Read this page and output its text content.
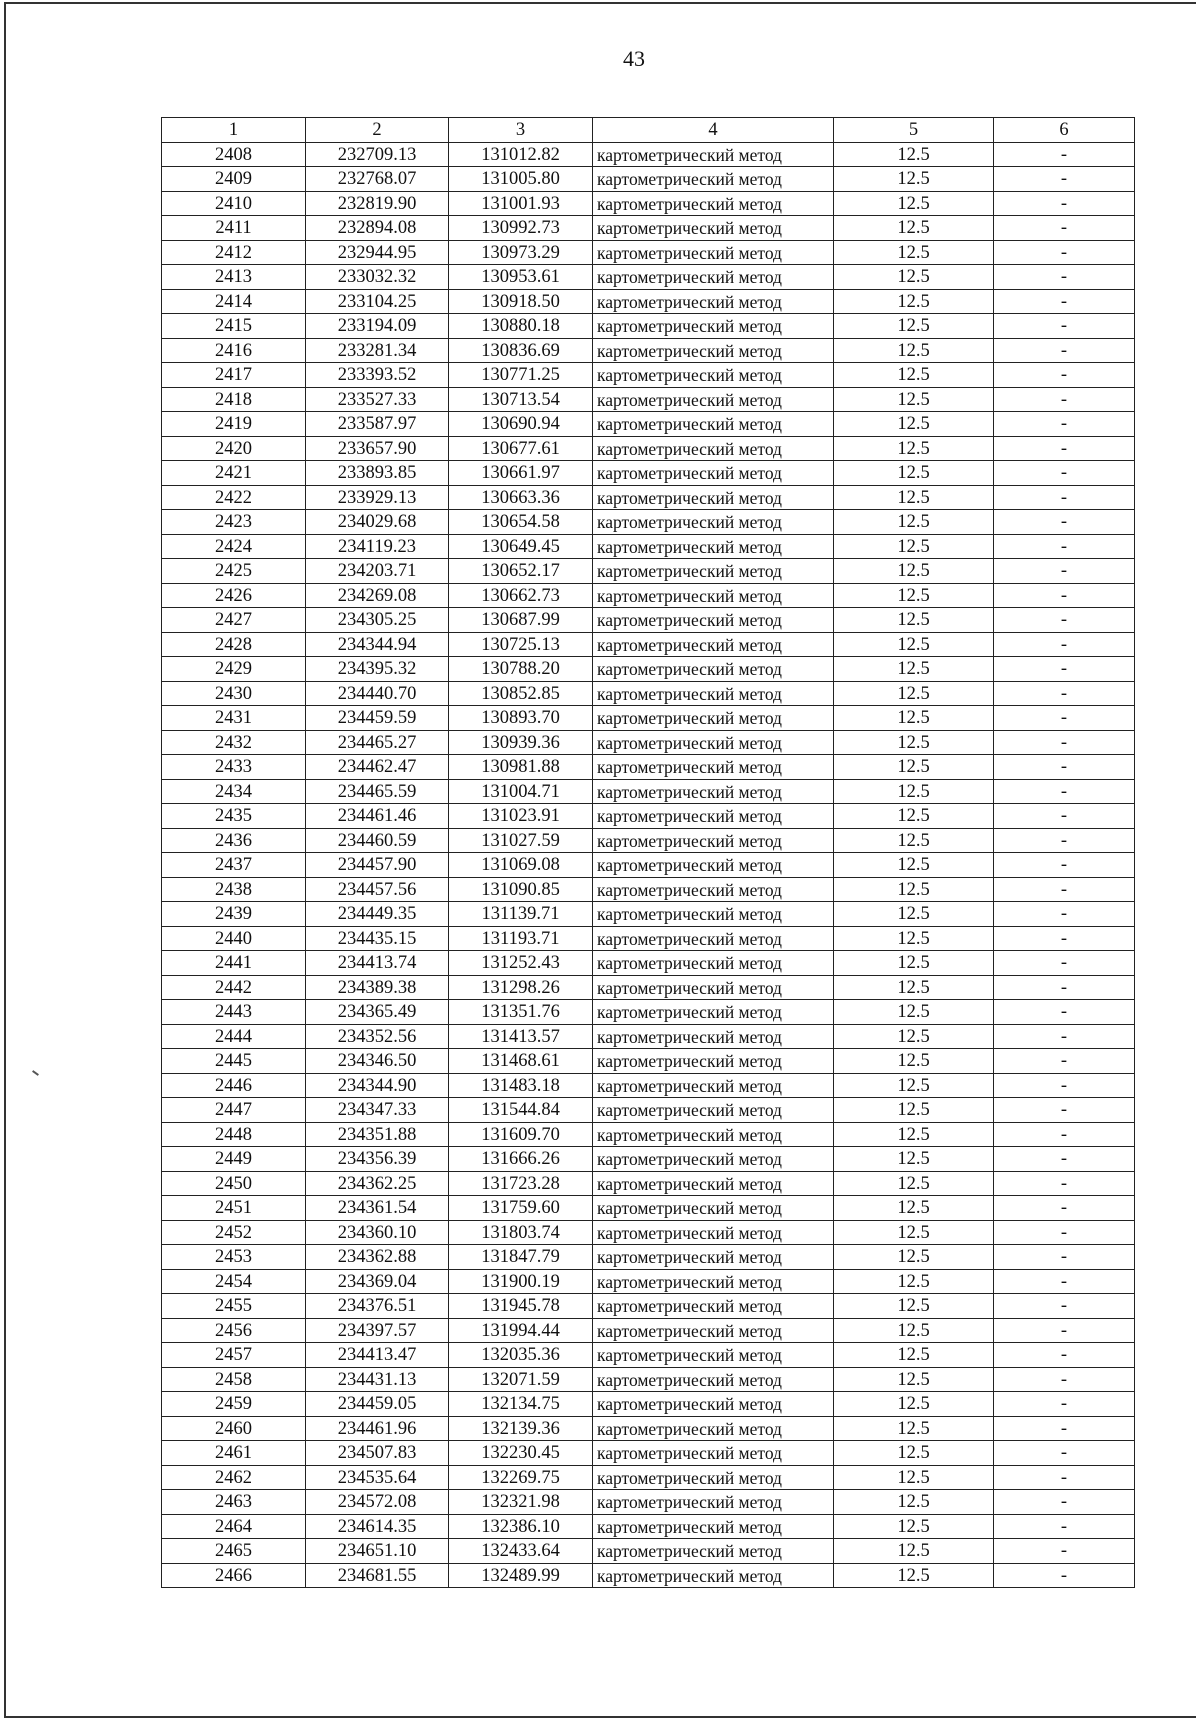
43
1	2	3	4	5	6
2408	232709.13	131012.82	картометрический метод	12.5	-
2409	232768.07	131005.80	картометрический метод	12.5	-
2410	232819.90	131001.93	картометрический метод	12.5	-
2411	232894.08	130992.73	картометрический метод	12.5	-
2412	232944.95	130973.29	картометрический метод	12.5	-
2413	233032.32	130953.61	картометрический метод	12.5	-
2414	233104.25	130918.50	картометрический метод	12.5	-
2415	233194.09	130880.18	картометрический метод	12.5	-
2416	233281.34	130836.69	картометрический метод	12.5	-
2417	233393.52	130771.25	картометрический метод	12.5	-
2418	233527.33	130713.54	картометрический метод	12.5	-
2419	233587.97	130690.94	картометрический метод	12.5	-
2420	233657.90	130677.61	картометрический метод	12.5	-
2421	233893.85	130661.97	картометрический метод	12.5	-
2422	233929.13	130663.36	картометрический метод	12.5	-
2423	234029.68	130654.58	картометрический метод	12.5	-
2424	234119.23	130649.45	картометрический метод	12.5	-
2425	234203.71	130652.17	картометрический метод	12.5	-
2426	234269.08	130662.73	картометрический метод	12.5	-
2427	234305.25	130687.99	картометрический метод	12.5	-
2428	234344.94	130725.13	картометрический метод	12.5	-
2429	234395.32	130788.20	картометрический метод	12.5	-
2430	234440.70	130852.85	картометрический метод	12.5	-
2431	234459.59	130893.70	картометрический метод	12.5	-
2432	234465.27	130939.36	картометрический метод	12.5	-
2433	234462.47	130981.88	картометрический метод	12.5	-
2434	234465.59	131004.71	картометрический метод	12.5	-
2435	234461.46	131023.91	картометрический метод	12.5	-
2436	234460.59	131027.59	картометрический метод	12.5	-
2437	234457.90	131069.08	картометрический метод	12.5	-
2438	234457.56	131090.85	картометрический метод	12.5	-
2439	234449.35	131139.71	картометрический метод	12.5	-
2440	234435.15	131193.71	картометрический метод	12.5	-
2441	234413.74	131252.43	картометрический метод	12.5	-
2442	234389.38	131298.26	картометрический метод	12.5	-
2443	234365.49	131351.76	картометрический метод	12.5	-
2444	234352.56	131413.57	картометрический метод	12.5	-
2445	234346.50	131468.61	картометрический метод	12.5	-
2446	234344.90	131483.18	картометрический метод	12.5	-
2447	234347.33	131544.84	картометрический метод	12.5	-
2448	234351.88	131609.70	картометрический метод	12.5	-
2449	234356.39	131666.26	картометрический метод	12.5	-
2450	234362.25	131723.28	картометрический метод	12.5	-
2451	234361.54	131759.60	картометрический метод	12.5	-
2452	234360.10	131803.74	картометрический метод	12.5	-
2453	234362.88	131847.79	картометрический метод	12.5	-
2454	234369.04	131900.19	картометрический метод	12.5	-
2455	234376.51	131945.78	картометрический метод	12.5	-
2456	234397.57	131994.44	картометрический метод	12.5	-
2457	234413.47	132035.36	картометрический метод	12.5	-
2458	234431.13	132071.59	картометрический метод	12.5	-
2459	234459.05	132134.75	картометрический метод	12.5	-
2460	234461.96	132139.36	картометрический метод	12.5	-
2461	234507.83	132230.45	картометрический метод	12.5	-
2462	234535.64	132269.75	картометрический метод	12.5	-
2463	234572.08	132321.98	картометрический метод	12.5	-
2464	234614.35	132386.10	картометрический метод	12.5	-
2465	234651.10	132433.64	картометрический метод	12.5	-
2466	234681.55	132489.99	картометрический метод	12.5	-
